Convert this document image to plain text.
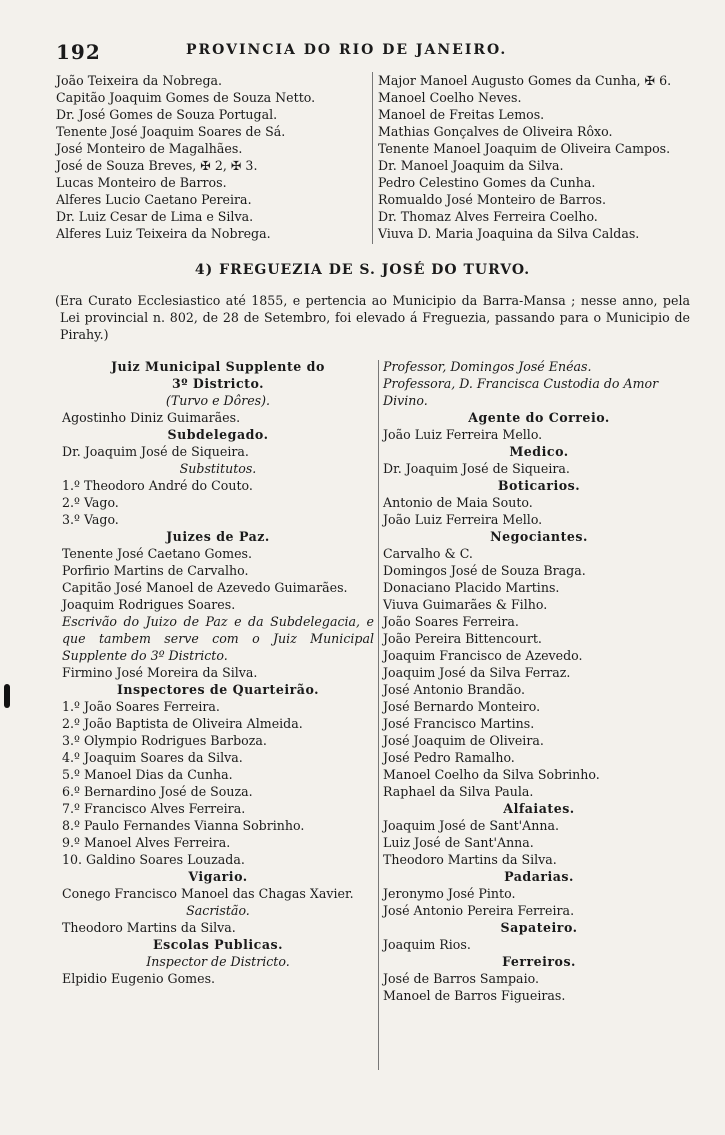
192	PROVINCIA DO RIO DE JANEIRO.
João Teixeira da Nobrega.
Capitão Joaquim Gomes de Souza Netto.
Dr. José Gomes de Souza Portugal.
Tenente José Joaquim Soares de Sá.
José Monteiro de Magalhães.
José de Souza Breves, ✠ 2, ✠ 3.
Lucas Monteiro de Barros.
Alferes Lucio Caetano Pereira.
Dr. Luiz Cesar de Lima e Silva.
Alferes Luiz Teixeira da Nobrega.
Major Manoel Augusto Gomes da Cunha, ✠ 6.
Manoel Coelho Neves.
Manoel de Freitas Lemos.
Mathias Gonçalves de Oliveira Rôxo.
Tenente Manoel Joaquim de Oliveira Campos.
Dr. Manoel Joaquim da Silva.
Pedro Celestino Gomes da Cunha.
Romualdo José Monteiro de Barros.
Dr. Thomaz Alves Ferreira Coelho.
Viuva D. Maria Joaquina da Silva Caldas.
4) FREGUEZIA DE S. JOSÉ DO TURVO.
(Era Curato Ecclesiastico até 1855, e pertencia ao Municipio da Barra-Mansa ; nesse anno, pela Lei provincial n. 802, de 28 de Setembro, foi elevado á Freguezia, passando para o Municipio de Pirahy.)
Juiz Municipal Supplente do
3º Districto.
(Turvo e Dôres).
Agostinho Diniz Guimarães.
Subdelegado.
Dr. Joaquim José de Siqueira.
Substitutos.
1.º Theodoro André do Couto.
2.º Vago.
3.º Vago.
Juizes de Paz.
Tenente José Caetano Gomes.
Porfirio Martins de Carvalho.
Capitão José Manoel de Azevedo Guimarães.
Joaquim Rodrigues Soares.
Escrivão do Juizo de Paz e da Subdelegacia, e que tambem serve com o Juiz Municipal Supplente do 3º Districto.
Firmino José Moreira da Silva.
Inspectores de Quarteirão.
1.º João Soares Ferreira.
2.º João Baptista de Oliveira Almeida.
3.º Olympio Rodrigues Barboza.
4.º Joaquim Soares da Silva.
5.º Manoel Dias da Cunha.
6.º Bernardino José de Souza.
7.º Francisco Alves Ferreira.
8.º Paulo Fernandes Vianna Sobrinho.
9.º Manoel Alves Ferreira.
10. Galdino Soares Louzada.
Vigario.
Conego Francisco Manoel das Chagas Xavier.
Sacristão.
Theodoro Martins da Silva.
Escolas Publicas.
Inspector de Districto.
Elpidio Eugenio Gomes.
Professor, Domingos José Enéas.
Professora, D. Francisca Custodia do Amor Divino.
Agente do Correio.
João Luiz Ferreira Mello.
Medico.
Dr. Joaquim José de Siqueira.
Boticarios.
Antonio de Maia Souto.
João Luiz Ferreira Mello.
Negociantes.
Carvalho & C.
Domingos José de Souza Braga.
Donaciano Placido Martins.
Viuva Guimarães & Filho.
João Soares Ferreira.
João Pereira Bittencourt.
Joaquim Francisco de Azevedo.
Joaquim José da Silva Ferraz.
José Antonio Brandão.
José Bernardo Monteiro.
José Francisco Martins.
José Joaquim de Oliveira.
José Pedro Ramalho.
Manoel Coelho da Silva Sobrinho.
Raphael da Silva Paula.
Alfaiates.
Joaquim José de Sant'Anna.
Luiz José de Sant'Anna.
Theodoro Martins da Silva.
Padarias.
Jeronymo José Pinto.
José Antonio Pereira Ferreira.
Sapateiro.
Joaquim Rios.
Ferreiros.
José de Barros Sampaio.
Manoel de Barros Figueiras.
